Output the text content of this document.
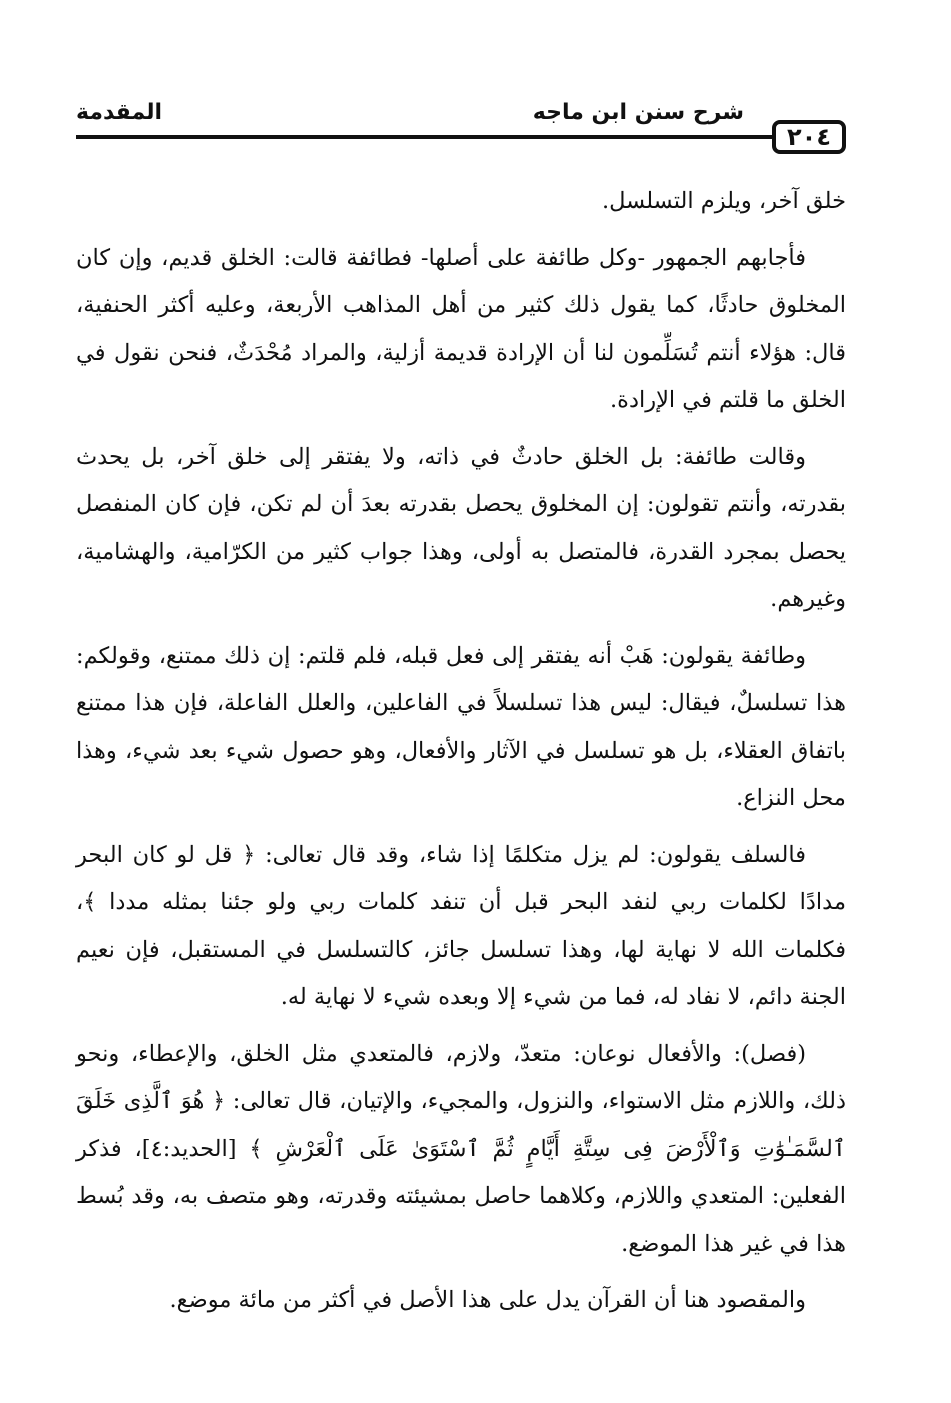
٢٠٤
شرح سنن ابن ماجه
المقدمة

خلق آخر، ويلزم التسلسل.

فأجابهم الجمهور -وكل طائفة على أصلها- فطائفة قالت: الخلق قديم، وإن كان المخلوق حادثًا، كما يقول ذلك كثير من أهل المذاهب الأربعة، وعليه أكثر الحنفية، قال: هؤلاء أنتم تُسَلِّمون لنا أن الإرادة قديمة أزلية، والمراد مُحْدَثٌ، فنحن نقول في الخلق ما قلتم في الإرادة.

وقالت طائفة: بل الخلق حادثٌ في ذاته، ولا يفتقر إلى خلق آخر، بل يحدث بقدرته، وأنتم تقولون: إن المخلوق يحصل بقدرته بعدَ أن لم تكن، فإن كان المنفصل يحصل بمجرد القدرة، فالمتصل به أولى، وهذا جواب كثير من الكرّامية، والهشامية، وغيرهم.

وطائفة يقولون: هَبْ أنه يفتقر إلى فعل قبله، فلم قلتم: إن ذلك ممتنع، وقولكم: هذا تسلسلٌ، فيقال: ليس هذا تسلسلاً في الفاعلين، والعلل الفاعلة، فإن هذا ممتنع باتفاق العقلاء، بل هو تسلسل في الآثار والأفعال، وهو حصول شيء بعد شيء، وهذا محل النزاع.

فالسلف يقولون: لم يزل متكلمًا إذا شاء، وقد قال تعالى: ﴿ قل لو كان البحر مدادًا لكلمات ربي لنفد البحر قبل أن تنفد كلمات ربي ولو جئنا بمثله مددا ﴾، فكلمات الله لا نهاية لها، وهذا تسلسل جائز، كالتسلسل في المستقبل، فإن نعيم الجنة دائم، لا نفاد له، فما من شيء إلا وبعده شيء لا نهاية له.

(فصل): والأفعال نوعان: متعدّ، ولازم، فالمتعدي مثل الخلق، والإعطاء، ونحو ذلك، واللازم مثل الاستواء، والنزول، والمجيء، والإتيان، قال تعالى: ﴿ هُوَ ٱلَّذِى خَلَقَ ٱلسَّمَـٰوَٰتِ وَٱلْأَرْضَ فِى سِتَّةِ أَيَّامٍ ثُمَّ ٱسْتَوَىٰ عَلَى ٱلْعَرْشِ ﴾ [الحديد:٤]، فذكر الفعلين: المتعدي واللازم، وكلاهما حاصل بمشيئته وقدرته، وهو متصف به، وقد بُسط هذا في غير هذا الموضع.

والمقصود هنا أن القرآن يدل على هذا الأصل في أكثر من مائة موضع.
